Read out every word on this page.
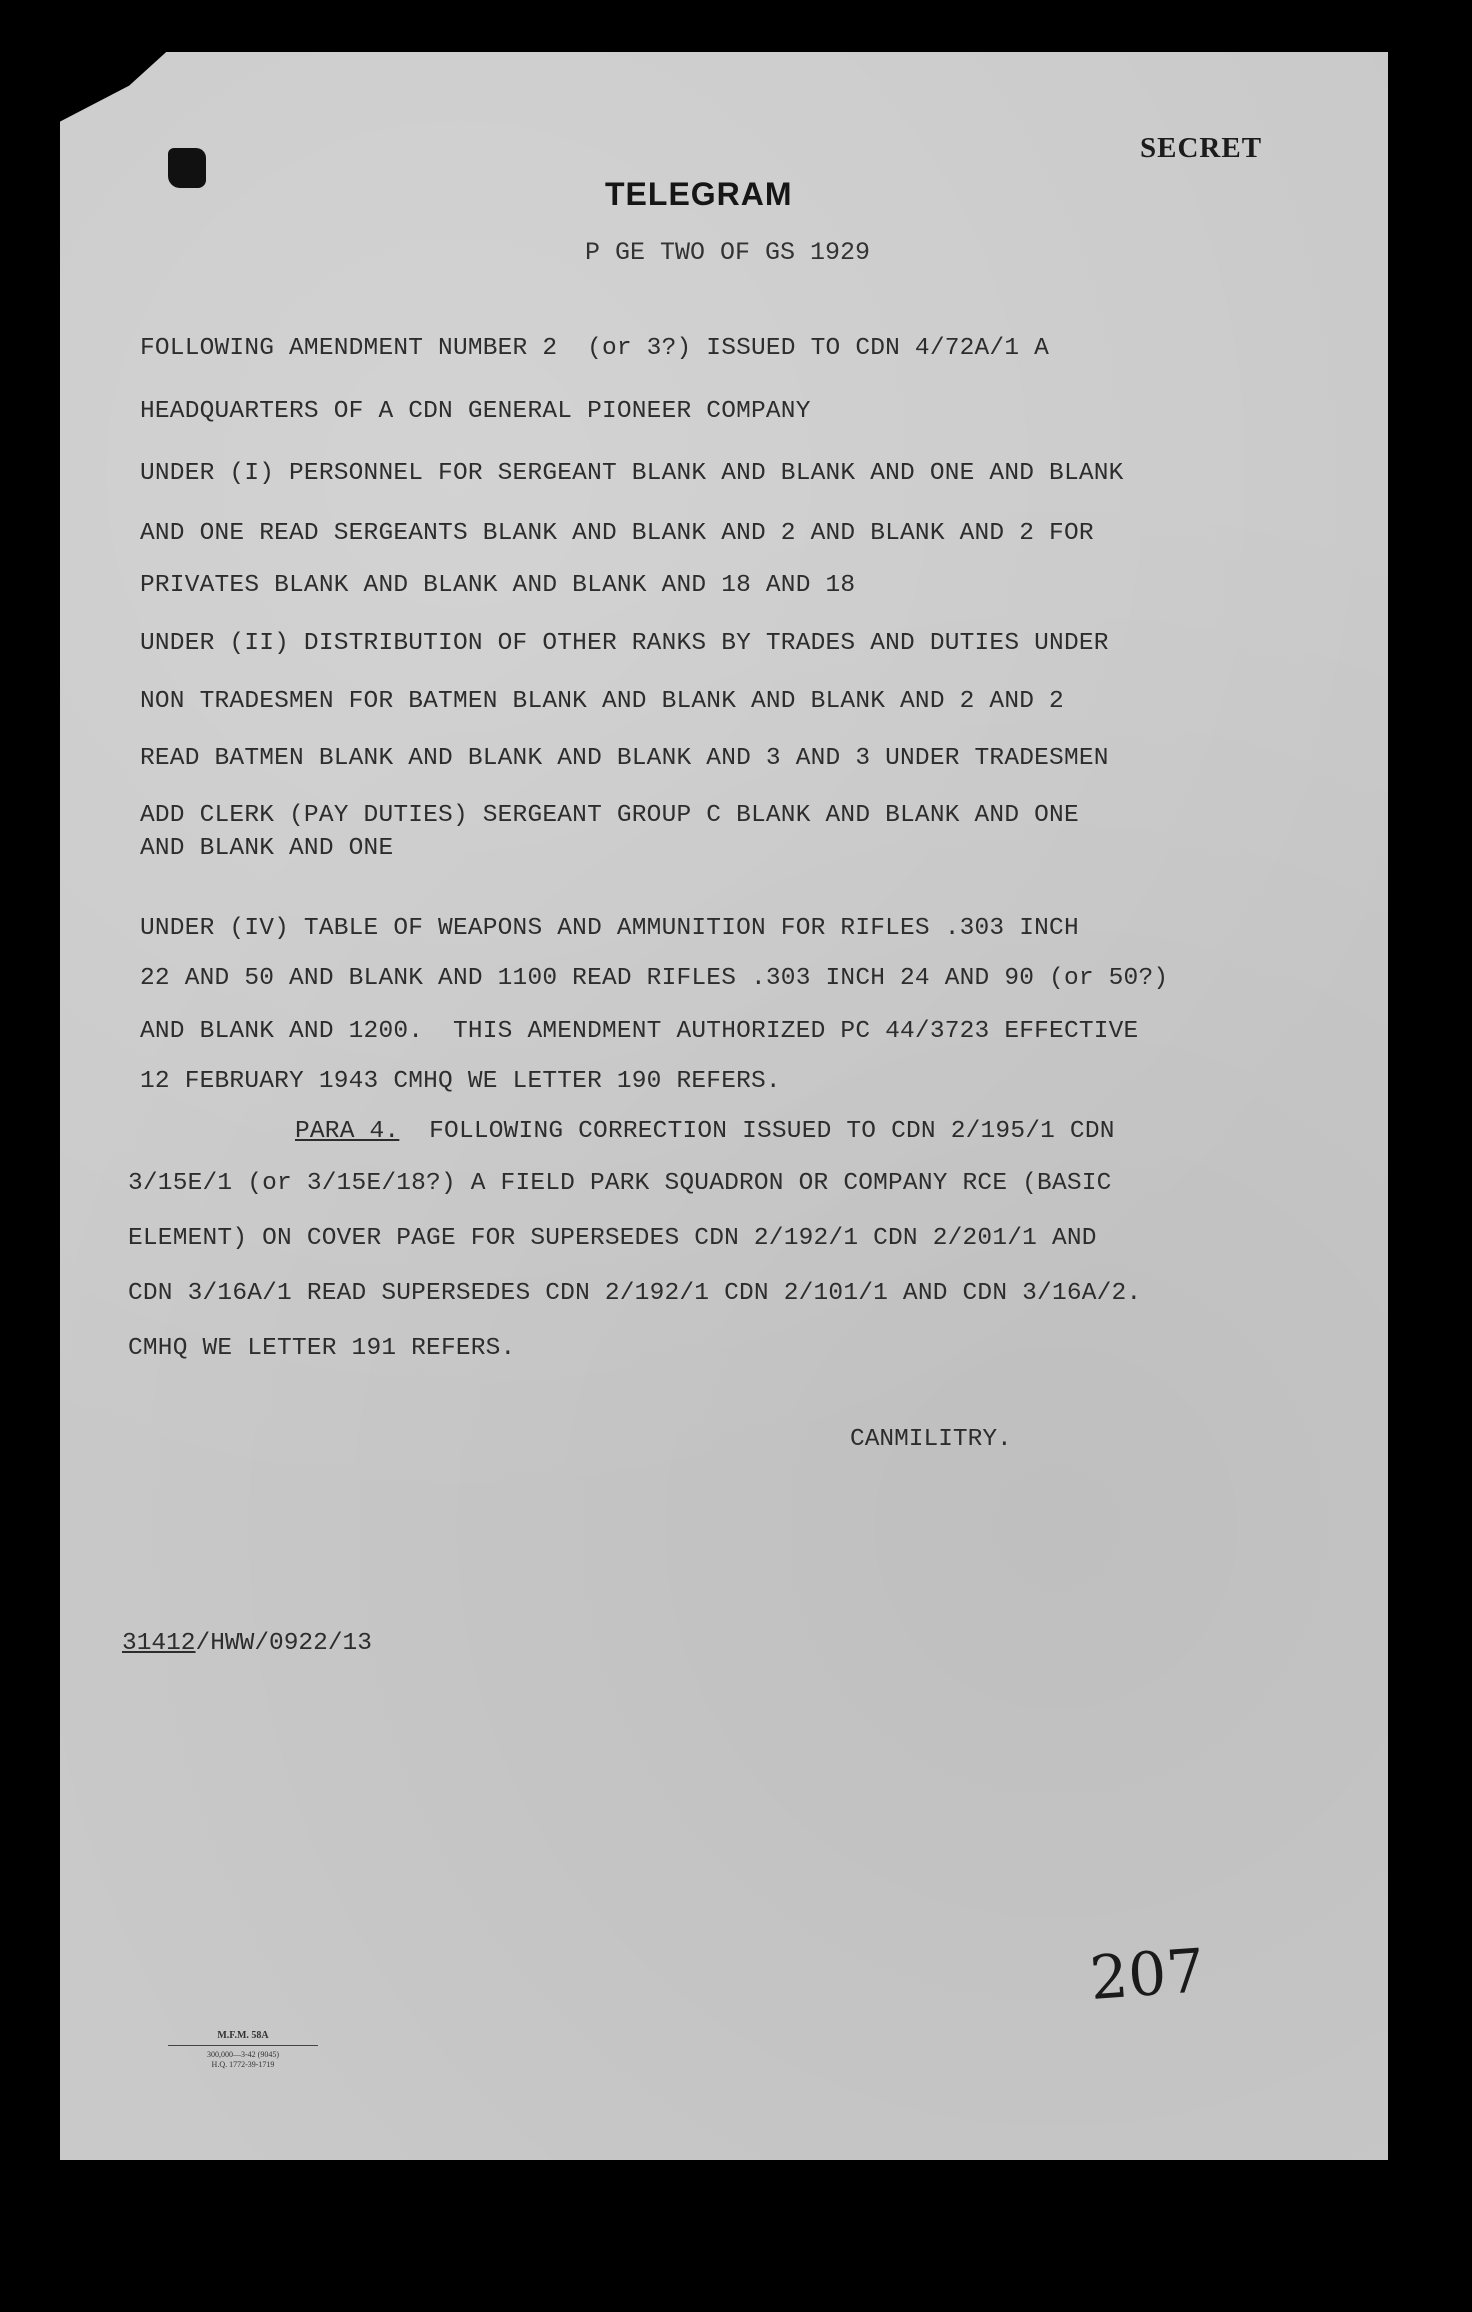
SECRET
TELEGRAM
P GE TWO OF GS 1929
FOLLOWING AMENDMENT NUMBER 2  (or 3?) ISSUED TO CDN 4/72A/1 A
HEADQUARTERS OF A CDN GENERAL PIONEER COMPANY
UNDER (I) PERSONNEL FOR SERGEANT BLANK AND BLANK AND ONE AND BLANK
AND ONE READ SERGEANTS BLANK AND BLANK AND 2 AND BLANK AND 2 FOR
PRIVATES BLANK AND BLANK AND BLANK AND 18 AND 18
UNDER (II) DISTRIBUTION OF OTHER RANKS BY TRADES AND DUTIES UNDER
NON TRADESMEN FOR BATMEN BLANK AND BLANK AND BLANK AND 2 AND 2
READ BATMEN BLANK AND BLANK AND BLANK AND 3 AND 3 UNDER TRADESMEN
ADD CLERK (PAY DUTIES) SERGEANT GROUP C BLANK AND BLANK AND ONE
AND BLANK AND ONE
UNDER (IV) TABLE OF WEAPONS AND AMMUNITION FOR RIFLES .303 INCH
22 AND 50 AND BLANK AND 1100 READ RIFLES .303 INCH 24 AND 90 (or 50?)
AND BLANK AND 1200.  THIS AMENDMENT AUTHORIZED PC 44/3723 EFFECTIVE
12 FEBRUARY 1943 CMHQ WE LETTER 190 REFERS.
PARA 4.  FOLLOWING CORRECTION ISSUED TO CDN 2/195/1 CDN
3/15E/1 (or 3/15E/18?) A FIELD PARK SQUADRON OR COMPANY RCE (BASIC
ELEMENT) ON COVER PAGE FOR SUPERSEDES CDN 2/192/1 CDN 2/201/1 AND
CDN 3/16A/1 READ SUPERSEDES CDN 2/192/1 CDN 2/101/1 AND CDN 3/16A/2.
CMHQ WE LETTER 191 REFERS.
CANMILITRY.
31412/HWW/0922/13
207
M.F.M. 58A
300,000—3-42 (9045)
H.Q. 1772-39-1719
